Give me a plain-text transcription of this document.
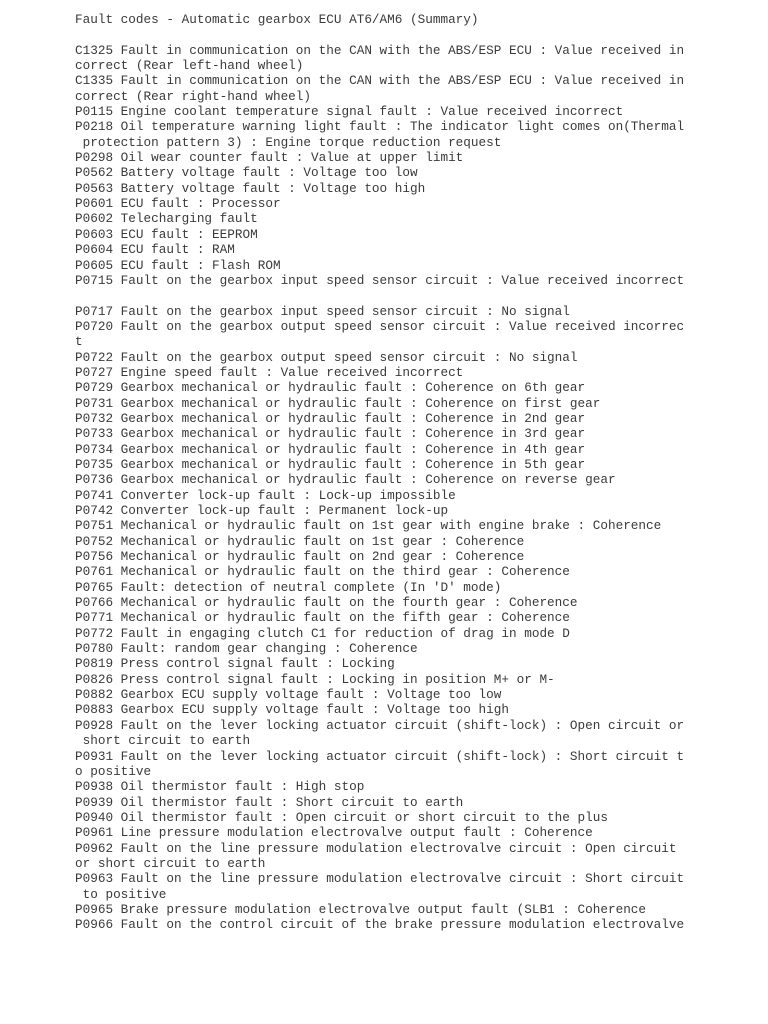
Fault codes - Automatic gearbox ECU AT6/AM6 (Summary)
C1325 Fault in communication on the CAN with the ABS/ESP ECU : Value received in
correct (Rear left-hand wheel)
C1335 Fault in communication on the CAN with the ABS/ESP ECU : Value received in
correct (Rear right-hand wheel)
P0115 Engine coolant temperature signal fault : Value received incorrect
P0218 Oil temperature warning light fault : The indicator light comes on(Thermal
protection pattern 3) : Engine torque reduction request
P0298 Oil wear counter fault : Value at upper limit
P0562 Battery voltage fault : Voltage too low
P0563 Battery voltage fault : Voltage too high
P0601 ECU fault : Processor
P0602 Telecharging fault
P0603 ECU fault : EEPROM
P0604 ECU fault : RAM
P0605 ECU fault : Flash ROM
P0715 Fault on the gearbox input speed sensor circuit : Value received incorrect
P0717 Fault on the gearbox input speed sensor circuit : No signal
P0720 Fault on the gearbox output speed sensor circuit : Value received incorrec
t
P0722 Fault on the gearbox output speed sensor circuit : No signal
P0727 Engine speed fault : Value received incorrect
P0729 Gearbox mechanical or hydraulic fault : Coherence on 6th gear
P0731 Gearbox mechanical or hydraulic fault : Coherence on first gear
P0732 Gearbox mechanical or hydraulic fault : Coherence in 2nd gear
P0733 Gearbox mechanical or hydraulic fault : Coherence in 3rd gear
P0734 Gearbox mechanical or hydraulic fault : Coherence in 4th gear
P0735 Gearbox mechanical or hydraulic fault : Coherence in 5th gear
P0736 Gearbox mechanical or hydraulic fault : Coherence on reverse gear
P0741 Converter lock-up fault : Lock-up impossible
P0742 Converter lock-up fault : Permanent lock-up
P0751 Mechanical or hydraulic fault on 1st gear with engine brake : Coherence
P0752 Mechanical or hydraulic fault on 1st gear : Coherence
P0756 Mechanical or hydraulic fault on 2nd gear : Coherence
P0761 Mechanical or hydraulic fault on the third gear : Coherence
P0765 Fault: detection of neutral complete (In 'D' mode)
P0766 Mechanical or hydraulic fault on the fourth gear : Coherence
P0771 Mechanical or hydraulic fault on the fifth gear : Coherence
P0772 Fault in engaging clutch C1 for reduction of drag in mode D
P0780 Fault: random gear changing : Coherence
P0819 Press control signal fault : Locking
P0826 Press control signal fault : Locking in position M+ or M-
P0882 Gearbox ECU supply voltage fault : Voltage too low
P0883 Gearbox ECU supply voltage fault : Voltage too high
P0928 Fault on the lever locking actuator circuit (shift-lock) : Open circuit or
short circuit to earth
P0931 Fault on the lever locking actuator circuit (shift-lock) : Short circuit t
o positive
P0938 Oil thermistor fault : High stop
P0939 Oil thermistor fault : Short circuit to earth
P0940 Oil thermistor fault : Open circuit or short circuit to the plus
P0961 Line pressure modulation electrovalve output fault : Coherence
P0962 Fault on the line pressure modulation electrovalve circuit : Open circuit
or short circuit to earth
P0963 Fault on the line pressure modulation electrovalve circuit : Short circuit
to positive
P0965 Brake pressure modulation electrovalve output fault (SLB1 : Coherence
P0966 Fault on the control circuit of the brake pressure modulation electrovalve
